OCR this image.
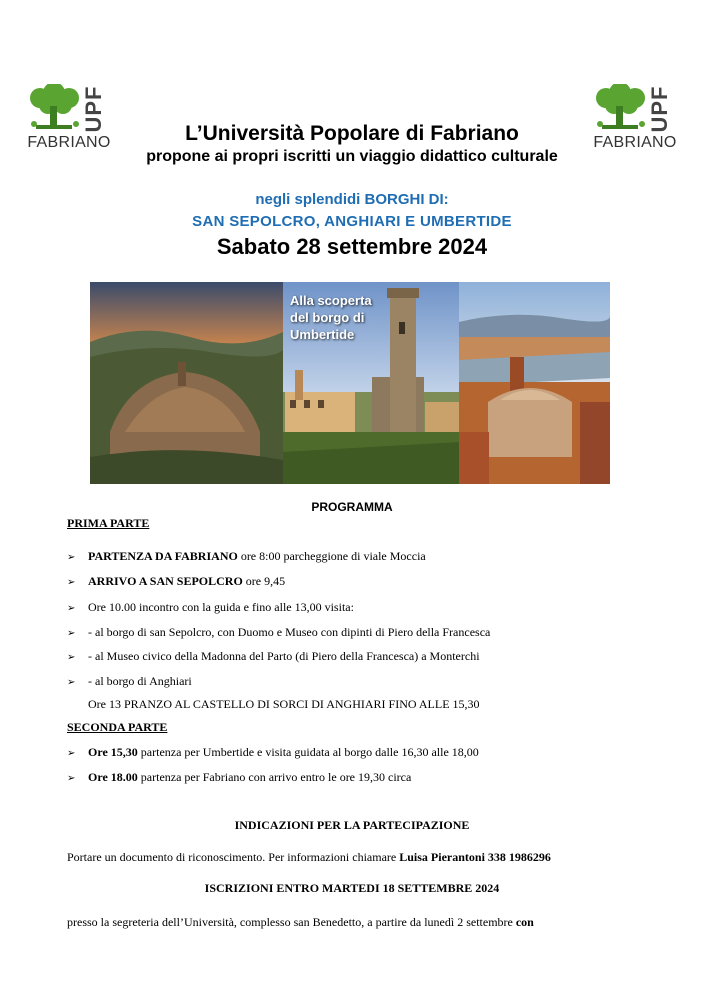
UPF
FABRIANO
UPF
FABRIANO
L’Università Popolare di Fabriano
propone ai propri iscritti un viaggio didattico culturale
negli splendidi BORGHI DI:
SAN SEPOLCRO, ANGHIARI E UMBERTIDE
Sabato 28 settembre 2024
Alla scoperta
del borgo di
Umbertide
PROGRAMMA
PRIMA PARTE
➢ PARTENZA DA FABRIANO ore 8:00 parcheggione di viale Moccia
➢ ARRIVO A SAN SEPOLCRO ore 9,45
➢ Ore 10.00 incontro con la guida e fino alle 13,00 visita:
➢ - al borgo di san Sepolcro, con Duomo e Museo con dipinti di Piero della Francesca
➢ - al Museo civico della Madonna del Parto (di Piero della Francesca) a Monterchi
➢ - al borgo di Anghiari
Ore 13 PRANZO AL CASTELLO DI SORCI DI ANGHIARI FINO ALLE 15,30
SECONDA PARTE
➢ Ore 15,30 partenza per Umbertide e visita guidata al borgo dalle 16,30 alle 18,00
➢ Ore 18.00 partenza per Fabriano con arrivo entro le ore 19,30 circa
INDICAZIONI PER LA PARTECIPAZIONE
Portare un documento di riconoscimento. Per informazioni chiamare Luisa Pierantoni 338 1986296
ISCRIZIONI ENTRO MARTEDI 18 SETTEMBRE 2024
presso la segreteria dell’Università, complesso san Benedetto, a partire da lunedì 2 settembre con
